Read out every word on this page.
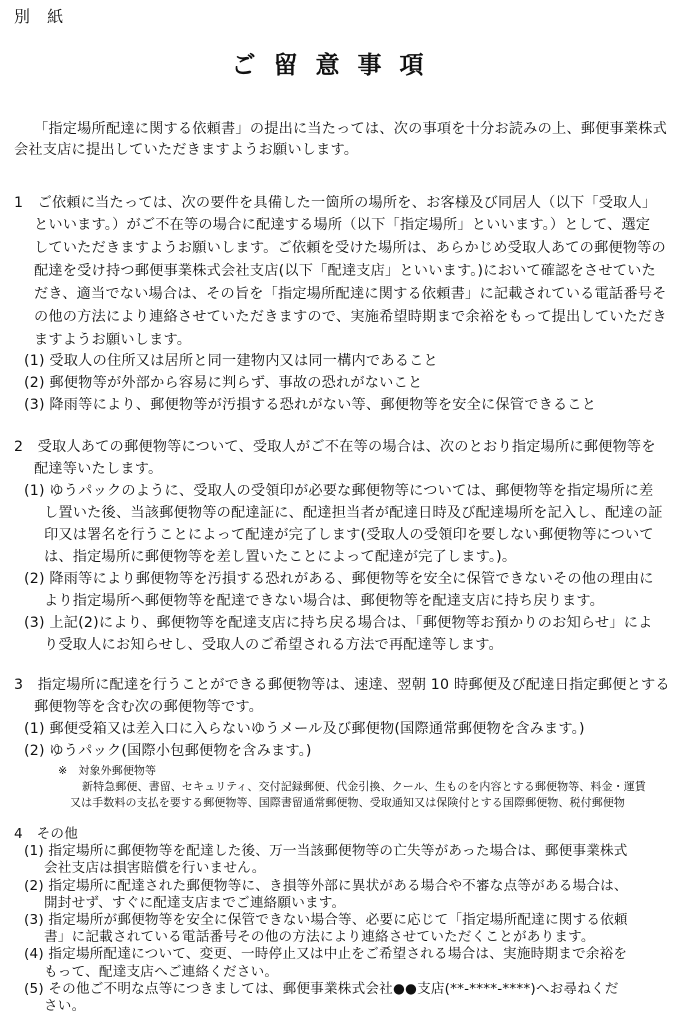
別 紙
ご留意事項
「指定場所配達に関する依頼書」の提出に当たっては、次の事項を十分お読みの上、郵便事業株式
会社支店に提出していただきますようお願いします。
1　ご依頼に当たっては、次の要件を具備した一箇所の場所を、お客様及び同居人（以下「受取人」
といいます。）がご不在等の場合に配達する場所（以下「指定場所」といいます。）として、選定
していただきますようお願いします。ご依頼を受けた場所は、あらかじめ受取人あての郵便物等の
配達を受け持つ郵便事業株式会社支店(以下「配達支店」といいます。)において確認をさせていた
だき、適当でない場合は、その旨を「指定場所配達に関する依頼書」に記載されている電話番号そ
の他の方法により連絡させていただきますので、実施希望時期まで余裕をもって提出していただき
ますようお願いします。
(1) 受取人の住所又は居所と同一建物内又は同一構内であること
(2) 郵便物等が外部から容易に判らず、事故の恐れがないこと
(3) 降雨等により、郵便物等が汚損する恐れがない等、郵便物等を安全に保管できること
2　受取人あての郵便物等について、受取人がご不在等の場合は、次のとおり指定場所に郵便物等を
配達等いたします。
(1) ゆうパックのように、受取人の受領印が必要な郵便物等については、郵便物等を指定場所に差
し置いた後、当該郵便物等の配達証に、配達担当者が配達日時及び配達場所を記入し、配達の証
印又は署名を行うことによって配達が完了します(受取人の受領印を要しない郵便物等について
は、指定場所に郵便物等を差し置いたことによって配達が完了します。)。
(2) 降雨等により郵便物等を汚損する恐れがある、郵便物等を安全に保管できないその他の理由に
より指定場所へ郵便物等を配達できない場合は、郵便物等を配達支店に持ち戻ります。
(3) 上記(2)により、郵便物等を配達支店に持ち戻る場合は、「郵便物等お預かりのお知らせ」によ
り受取人にお知らせし、受取人のご希望される方法で再配達等します。
3　指定場所に配達を行うことができる郵便物等は、速達、翌朝 10 時郵便及び配達日指定郵便とする
郵便物等を含む次の郵便物等です。
(1) 郵便受箱又は差入口に入らないゆうメール及び郵便物(国際通常郵便物を含みます。)
(2) ゆうパック(国際小包郵便物を含みます。)
※　対象外郵便物等
新特急郵便、書留、セキュリティ、交付記録郵便、代金引換、クール、生ものを内容とする郵便物等、料金・運賃
又は手数料の支払を要する郵便物等、国際書留通常郵便物、受取通知又は保険付とする国際郵便物、税付郵便物
4　その他
(1) 指定場所に郵便物等を配達した後、万一当該郵便物等の亡失等があった場合は、郵便事業株式
会社支店は損害賠償を行いません。
(2) 指定場所に配達された郵便物等に、き損等外部に異状がある場合や不審な点等がある場合は、
開封せず、すぐに配達支店までご連絡願います。
(3) 指定場所が郵便物等を安全に保管できない場合等、必要に応じて「指定場所配達に関する依頼
書」に記載されている電話番号その他の方法により連絡させていただくことがあります。
(4) 指定場所配達について、変更、一時停止又は中止をご希望される場合は、実施時期まで余裕を
もって、配達支店へご連絡ください。
(5) その他ご不明な点等につきましては、郵便事業株式会社●●支店(**-****-****)へお尋ねくだ
さい。
